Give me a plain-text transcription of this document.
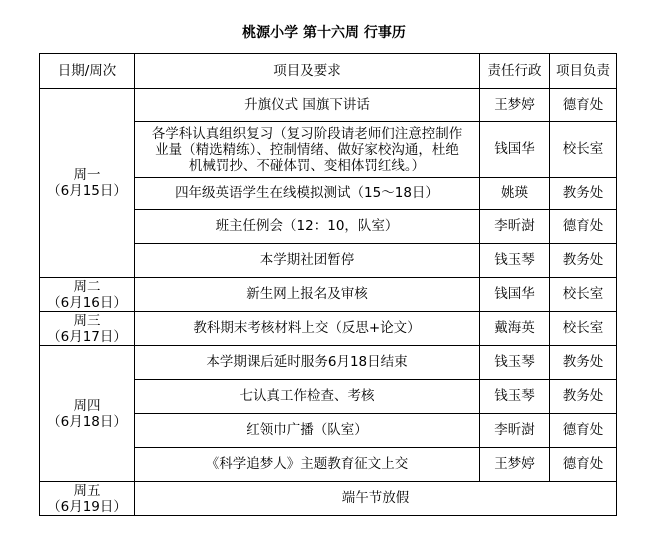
桃源小学 第十六周 行事历
日期/周次	项目及要求	责任行政	项目负责

周一
（6月15日）	升旗仪式 国旗下讲话	王梦婷	德育处

	各学科认真组织复习（复习阶段请老师们注意控制作
业量（精选精练）、控制情绪、做好家校沟通，杜绝
机械罚抄、不碰体罚、变相体罚红线。）	钱国华	校长室
	四年级英语学生在线模拟测试（15～18日）	姚瑛	教务处
	班主任例会（12：10，队室）	李昕澍	德育处
	本学期社团暂停	钱玉琴	教务处

周二
（6月16日）	新生网上报名及审核	钱国华	校长室

周三
（6月17日）	教科期末考核材料上交（反思+论文）	戴海英	校长室

周四
（6月18日）	本学期课后延时服务6月18日结束	钱玉琴	教务处
	七认真工作检查、考核	钱玉琴	教务处
	红领巾广播（队室）	李昕澍	德育处
	《科学追梦人》主题教育征文上交	王梦婷	德育处

周五
（6月19日）	端午节放假		
